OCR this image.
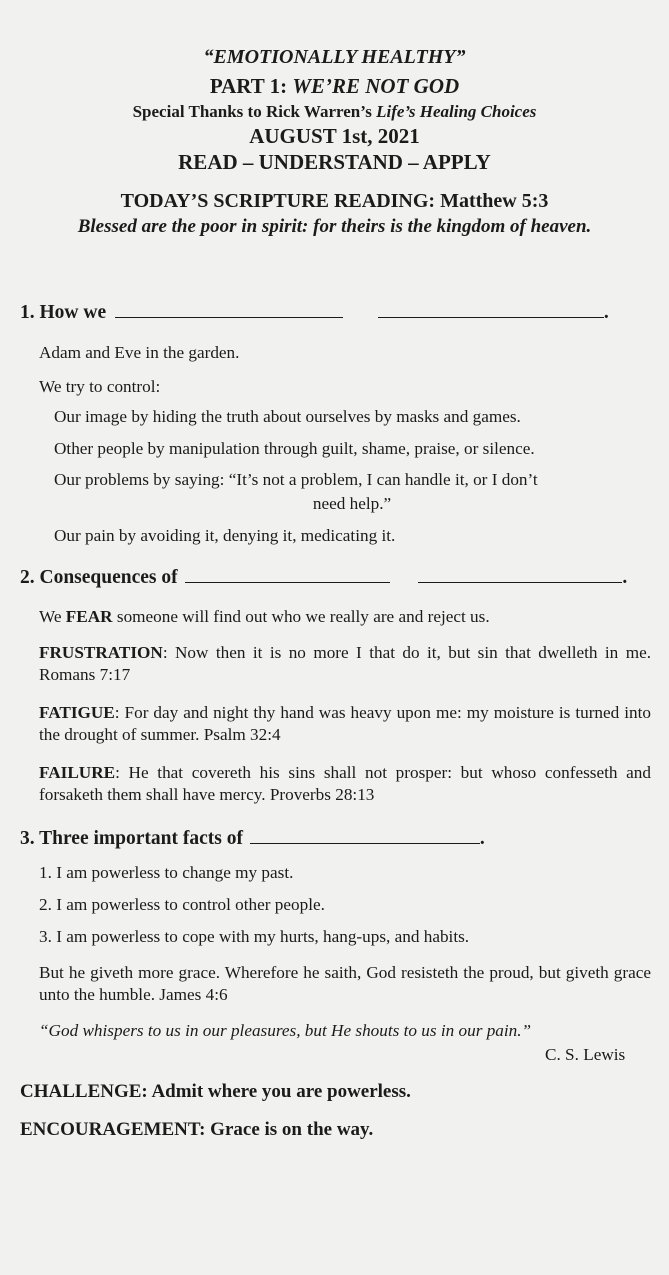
“EMOTIONALLY HEALTHY”
PART 1: WE’RE NOT GOD
Special Thanks to Rick Warren’s Life’s Healing Choices
AUGUST 1st, 2021
READ – UNDERSTAND – APPLY
TODAY’S SCRIPTURE READING: Matthew 5:3
Blessed are the poor in spirit: for theirs is the kingdom of heaven.
1. How we	.
Adam and Eve in the garden.
We try to control:
Our image by hiding the truth about ourselves by masks and games.
Other people by manipulation through guilt, shame, praise, or silence.
Our problems by saying: “It’s not a problem, I can handle it, or I don’t
need help.”
Our pain by avoiding it, denying it, medicating it.
2. Consequences of	.
We FEAR someone will find out who we really are and reject us.
FRUSTRATION: Now then it is no more I that do it, but sin that dwelleth in me. Romans 7:17
FATIGUE: For day and night thy hand was heavy upon me: my moisture is turned into the drought of summer. Psalm 32:4
FAILURE: He that covereth his sins shall not prosper: but whoso confesseth and forsaketh them shall have mercy. Proverbs 28:13
3. Three important facts of	.
1. I am powerless to change my past.
2. I am powerless to control other people.
3. I am powerless to cope with my hurts, hang-ups, and habits.
But he giveth more grace. Wherefore he saith, God resisteth the proud, but giveth grace unto the humble. James 4:6
“God whispers to us in our pleasures, but He shouts to us in our pain.”
C. S. Lewis
CHALLENGE: Admit where you are powerless.
ENCOURAGEMENT: Grace is on the way.
